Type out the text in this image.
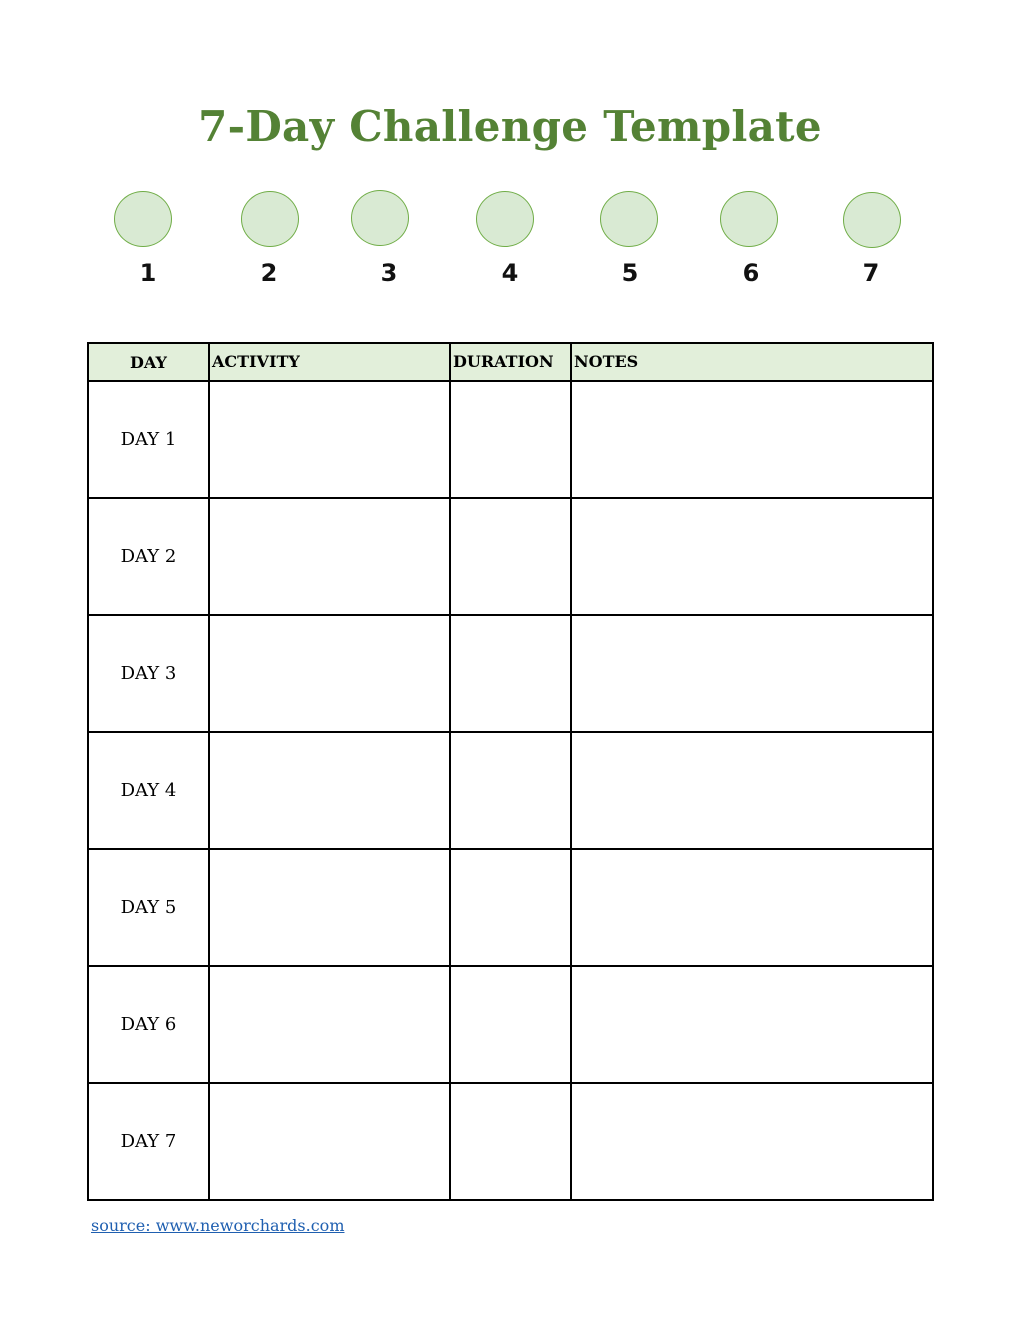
7-Day Challenge Template
1	2	3	4	5	6	7
DAY	ACTIVITY	DURATION	NOTES
DAY 1			
DAY 2			
DAY 3			
DAY 4			
DAY 5			
DAY 6			
DAY 7			
source: www.neworchards.com
